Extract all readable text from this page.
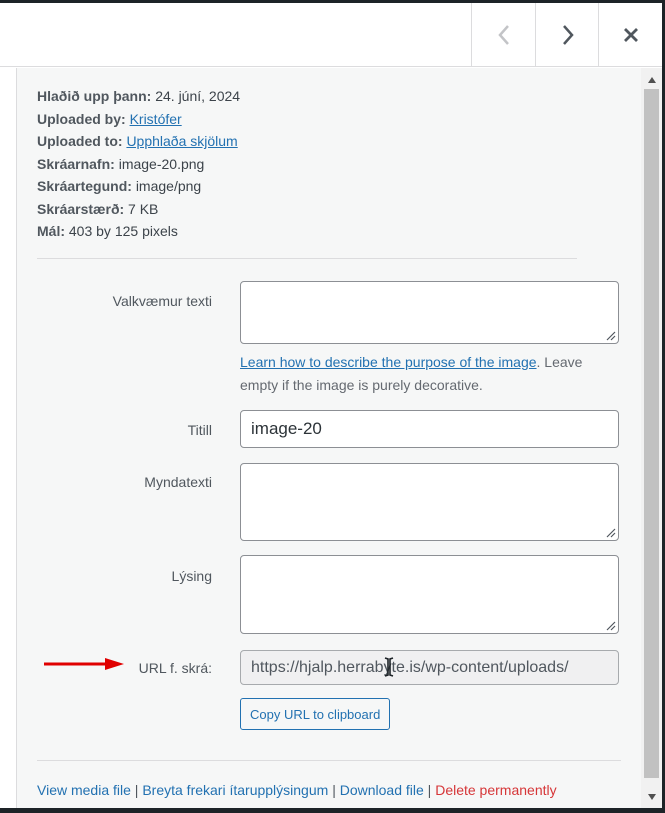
Hlaðið upp þann: 24. júní, 2024
Uploaded by: Kristófer
Uploaded to: Upphlaða skjölum
Skráarnafn: image-20.png
Skráartegund: image/png
Skráarstærð: 7 KB
Mál: 403 by 125 pixels
Valkvæmur texti
Learn how to describe the purpose of the image. Leave empty if the image is purely decorative.
Titill image-20
Myndatexti
Lýsing
URL f. skrá: https://hjalp.herrabyte.is/wp-content/uploads/
Copy URL to clipboard
View media file | Breyta frekari ítarupplýsingum | Download file | Delete permanently
